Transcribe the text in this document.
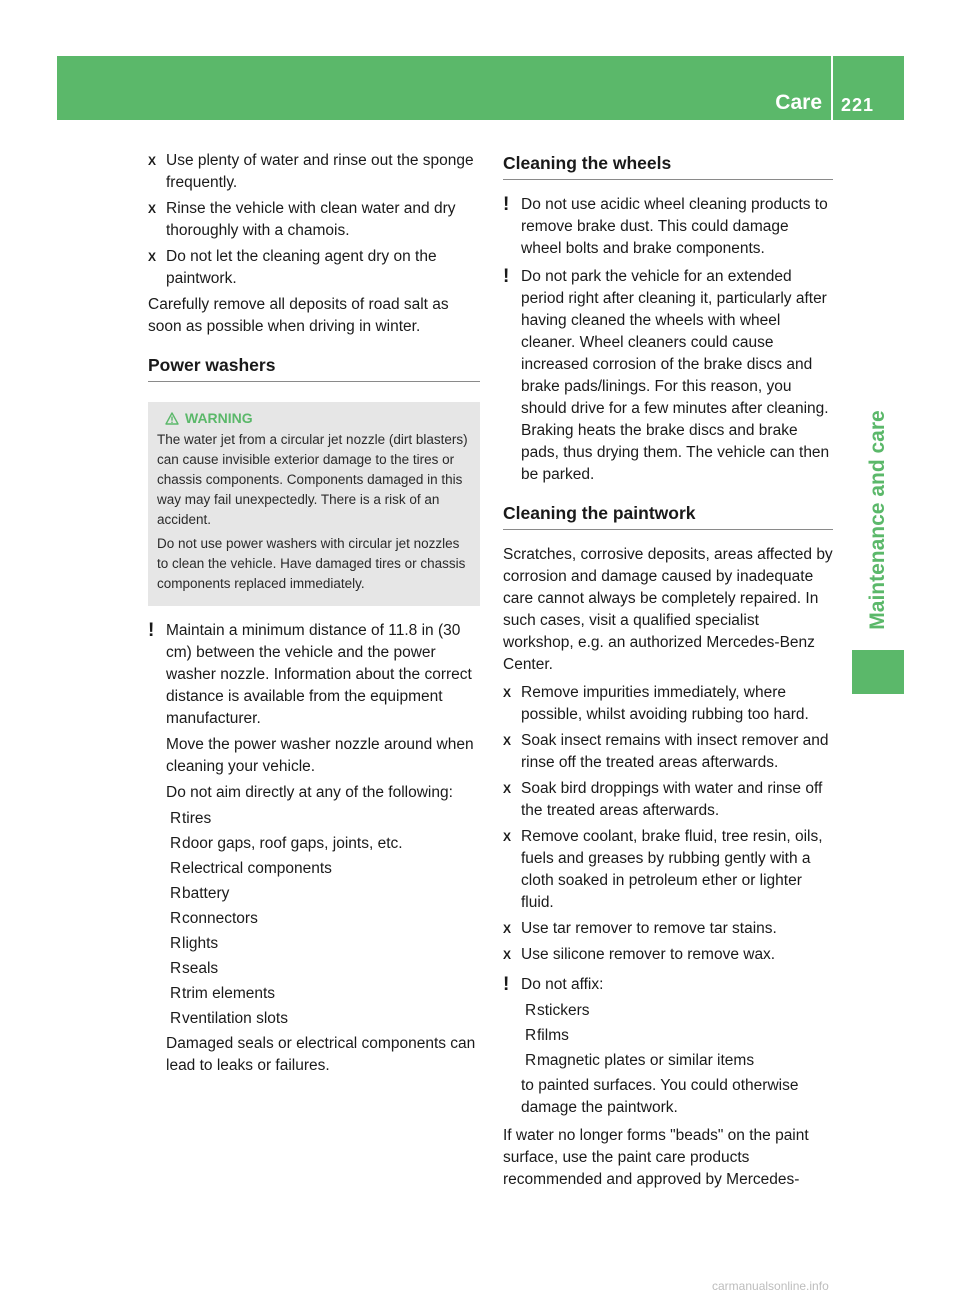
Care 221
Maintenance and care
X Use plenty of water and rinse out the sponge frequently.
X Rinse the vehicle with clean water and dry thoroughly with a chamois.
X Do not let the cleaning agent dry on the paintwork.

Carefully remove all deposits of road salt as soon as possible when driving in winter.

Power washers
WARNING

The water jet from a circular jet nozzle (dirt blasters) can cause invisible exterior damage to the tires or chassis components. Components damaged in this way may fail unexpectedly. There is a risk of an accident.

Do not use power washers with circular jet nozzles to clean the vehicle. Have damaged tires or chassis components replaced immediately.

! Maintain a minimum distance of 11.8 in (30 cm) between the vehicle and the power washer nozzle. Information about the correct distance is available from the equipment manufacturer.

Move the power washer nozzle around when cleaning your vehicle.

Do not aim directly at any of the following:

R tires
R door gaps, roof gaps, joints, etc.
R electrical components
R battery
R connectors
R lights
R seals
R trim elements
R ventilation slots

Damaged seals or electrical components can lead to leaks or failures.

Cleaning the wheels
! Do not use acidic wheel cleaning products to remove brake dust. This could damage wheel bolts and brake components.

! Do not park the vehicle for an extended period right after cleaning it, particularly after having cleaned the wheels with wheel cleaner. Wheel cleaners could cause increased corrosion of the brake discs and brake pads/linings. For this reason, you should drive for a few minutes after cleaning. Braking heats the brake discs and brake pads, thus drying them. The vehicle can then be parked.

Cleaning the paintwork

Scratches, corrosive deposits, areas affected by corrosion and damage caused by inadequate care cannot always be completely repaired. In such cases, visit a qualified specialist workshop, e.g. an authorized Mercedes-Benz Center.

X Remove impurities immediately, where possible, whilst avoiding rubbing too hard.
X Soak insect remains with insect remover and rinse off the treated areas afterwards.
X Soak bird droppings with water and rinse off the treated areas afterwards.
X Remove coolant, brake fluid, tree resin, oils, fuels and greases by rubbing gently with a cloth soaked in petroleum ether or lighter fluid.
X Use tar remover to remove tar stains.
X Use silicone remover to remove wax.
! Do not affix:

R stickers
R films
R magnetic plates or similar items

to painted surfaces. You could otherwise damage the paintwork.

If water no longer forms "beads" on the paint surface, use the paint care products recommended and approved by Mercedes-

carmanualsonline.info
